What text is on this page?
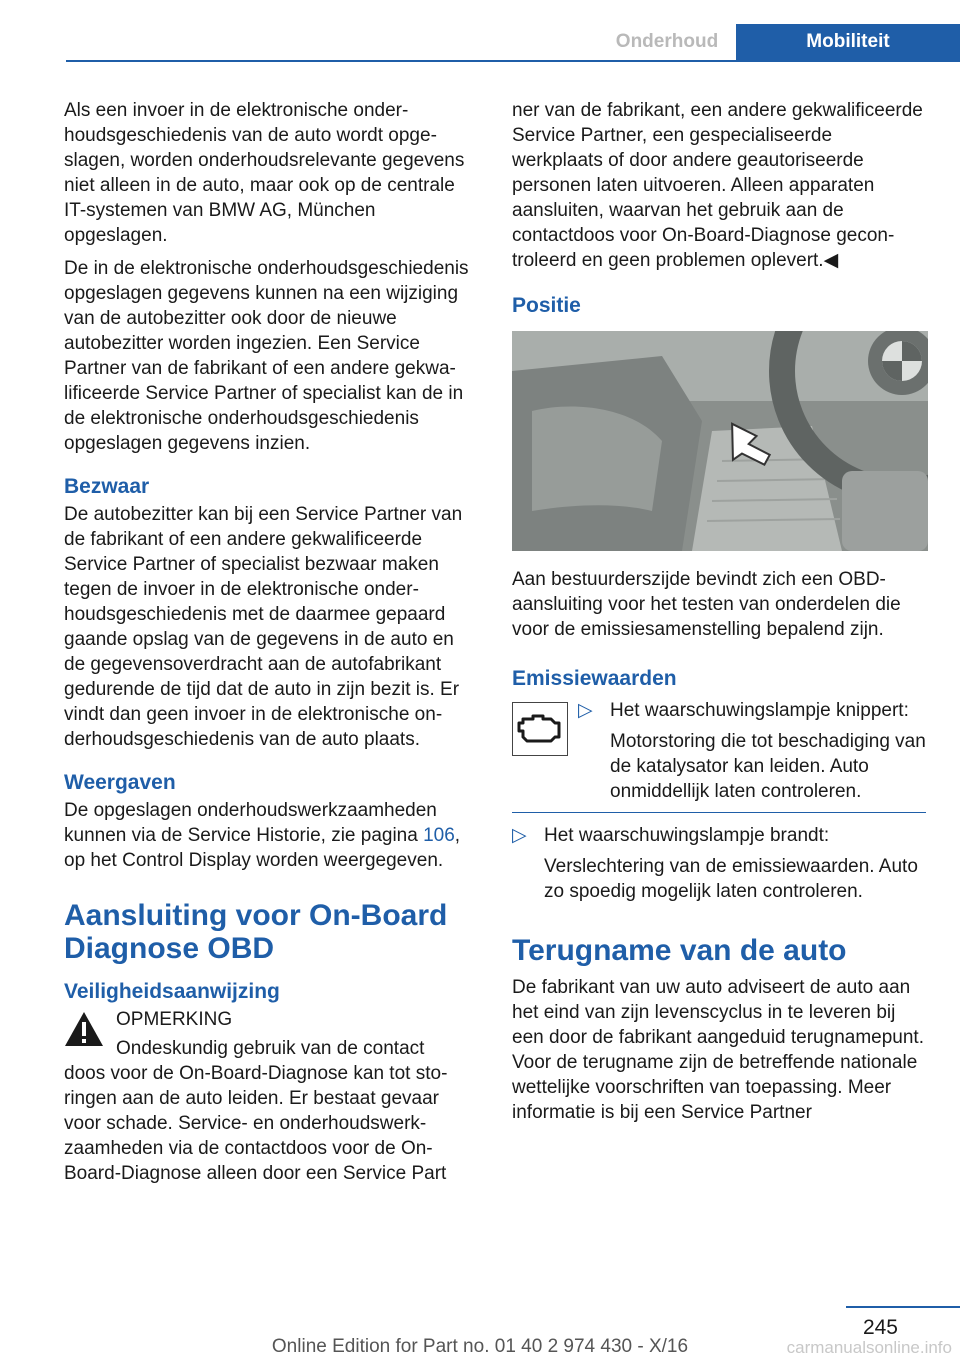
Onderhoud	Mobiliteit

Als een invoer in de elektronische onderhoudsgeschiedenis van de auto wordt opgeslagen, worden onderhoudsrelevante gegevens niet alleen in de auto, maar ook op de centrale IT-systemen van BMW AG, München opgeslagen.

De in de elektronische onderhoudsgeschiedenis opgeslagen gegevens kunnen na een wijziging van de autobezitter ook door de nieuwe autobezitter worden ingezien. Een Service Partner van de fabrikant of een andere gekwalificeerde Service Partner of specialist kan de in de elektronische onderhoudsgeschiedenis opgeslagen gegevens inzien.

Bezwaar

De autobezitter kan bij een Service Partner van de fabrikant of een andere gekwalificeerde Service Partner of specialist bezwaar maken tegen de invoer in de elektronische onderhoudsgeschiedenis met de daarmee gepaard gaande opslag van de gegevens in de auto en de gegevensoverdracht aan de autofabrikant gedurende de tijd dat de auto in zijn bezit is. Er vindt dan geen invoer in de elektronische onderhoudsgeschiedenis van de auto plaats.

Weergaven

De opgeslagen onderhoudswerkzaamheden kunnen via de Service Historie, zie pagina 106, op het Control Display worden weergegeven.

Aansluiting voor On-Board Diagnose OBD
Veiligheidsaanwijzing

OPMERKING

Ondeskundig gebruik van de contact

doos voor de On-Board-Diagnose kan tot storingen aan de auto leiden. Er bestaat gevaar voor schade. Service- en onderhoudswerkzaamheden via de contactdoos voor de On-Board-Diagnose alleen door een Service Part

ner van de fabrikant, een andere gekwalificeerde Service Partner, een gespecialiseerde werkplaats of door andere geautoriseerde personen laten uitvoeren. Alleen apparaten aansluiten, waarvan het gebruik aan de contactdoos voor On-Board-Diagnose gecontroleerd en geen problemen oplevert.◀

Positie

Aan bestuurderszijde bevindt zich een OBD-aansluiting voor het testen van onderdelen die voor de emissiesamenstelling bepalend zijn.

Emissiewaarden
▷ Het waarschuwingslampje knippert:

Motorstoring die tot beschadiging van de katalysator kan leiden. Auto onmiddellijk laten controleren.

▷ Het waarschuwingslampje brandt:

Verslechtering van de emissiewaarden. Auto zo spoedig mogelijk laten controleren.

Terugname van de auto

De fabrikant van uw auto adviseert de auto aan het eind van zijn levenscyclus in te leveren bij een door de fabrikant aangeduid terugnamepunt. Voor de terugname zijn de betreffende nationale wettelijke voorschriften van toepassing. Meer informatie is bij een Service Partner

245
Online Edition for Part no. 01 40 2 974 430 - X/16	carmanualsonline.info
